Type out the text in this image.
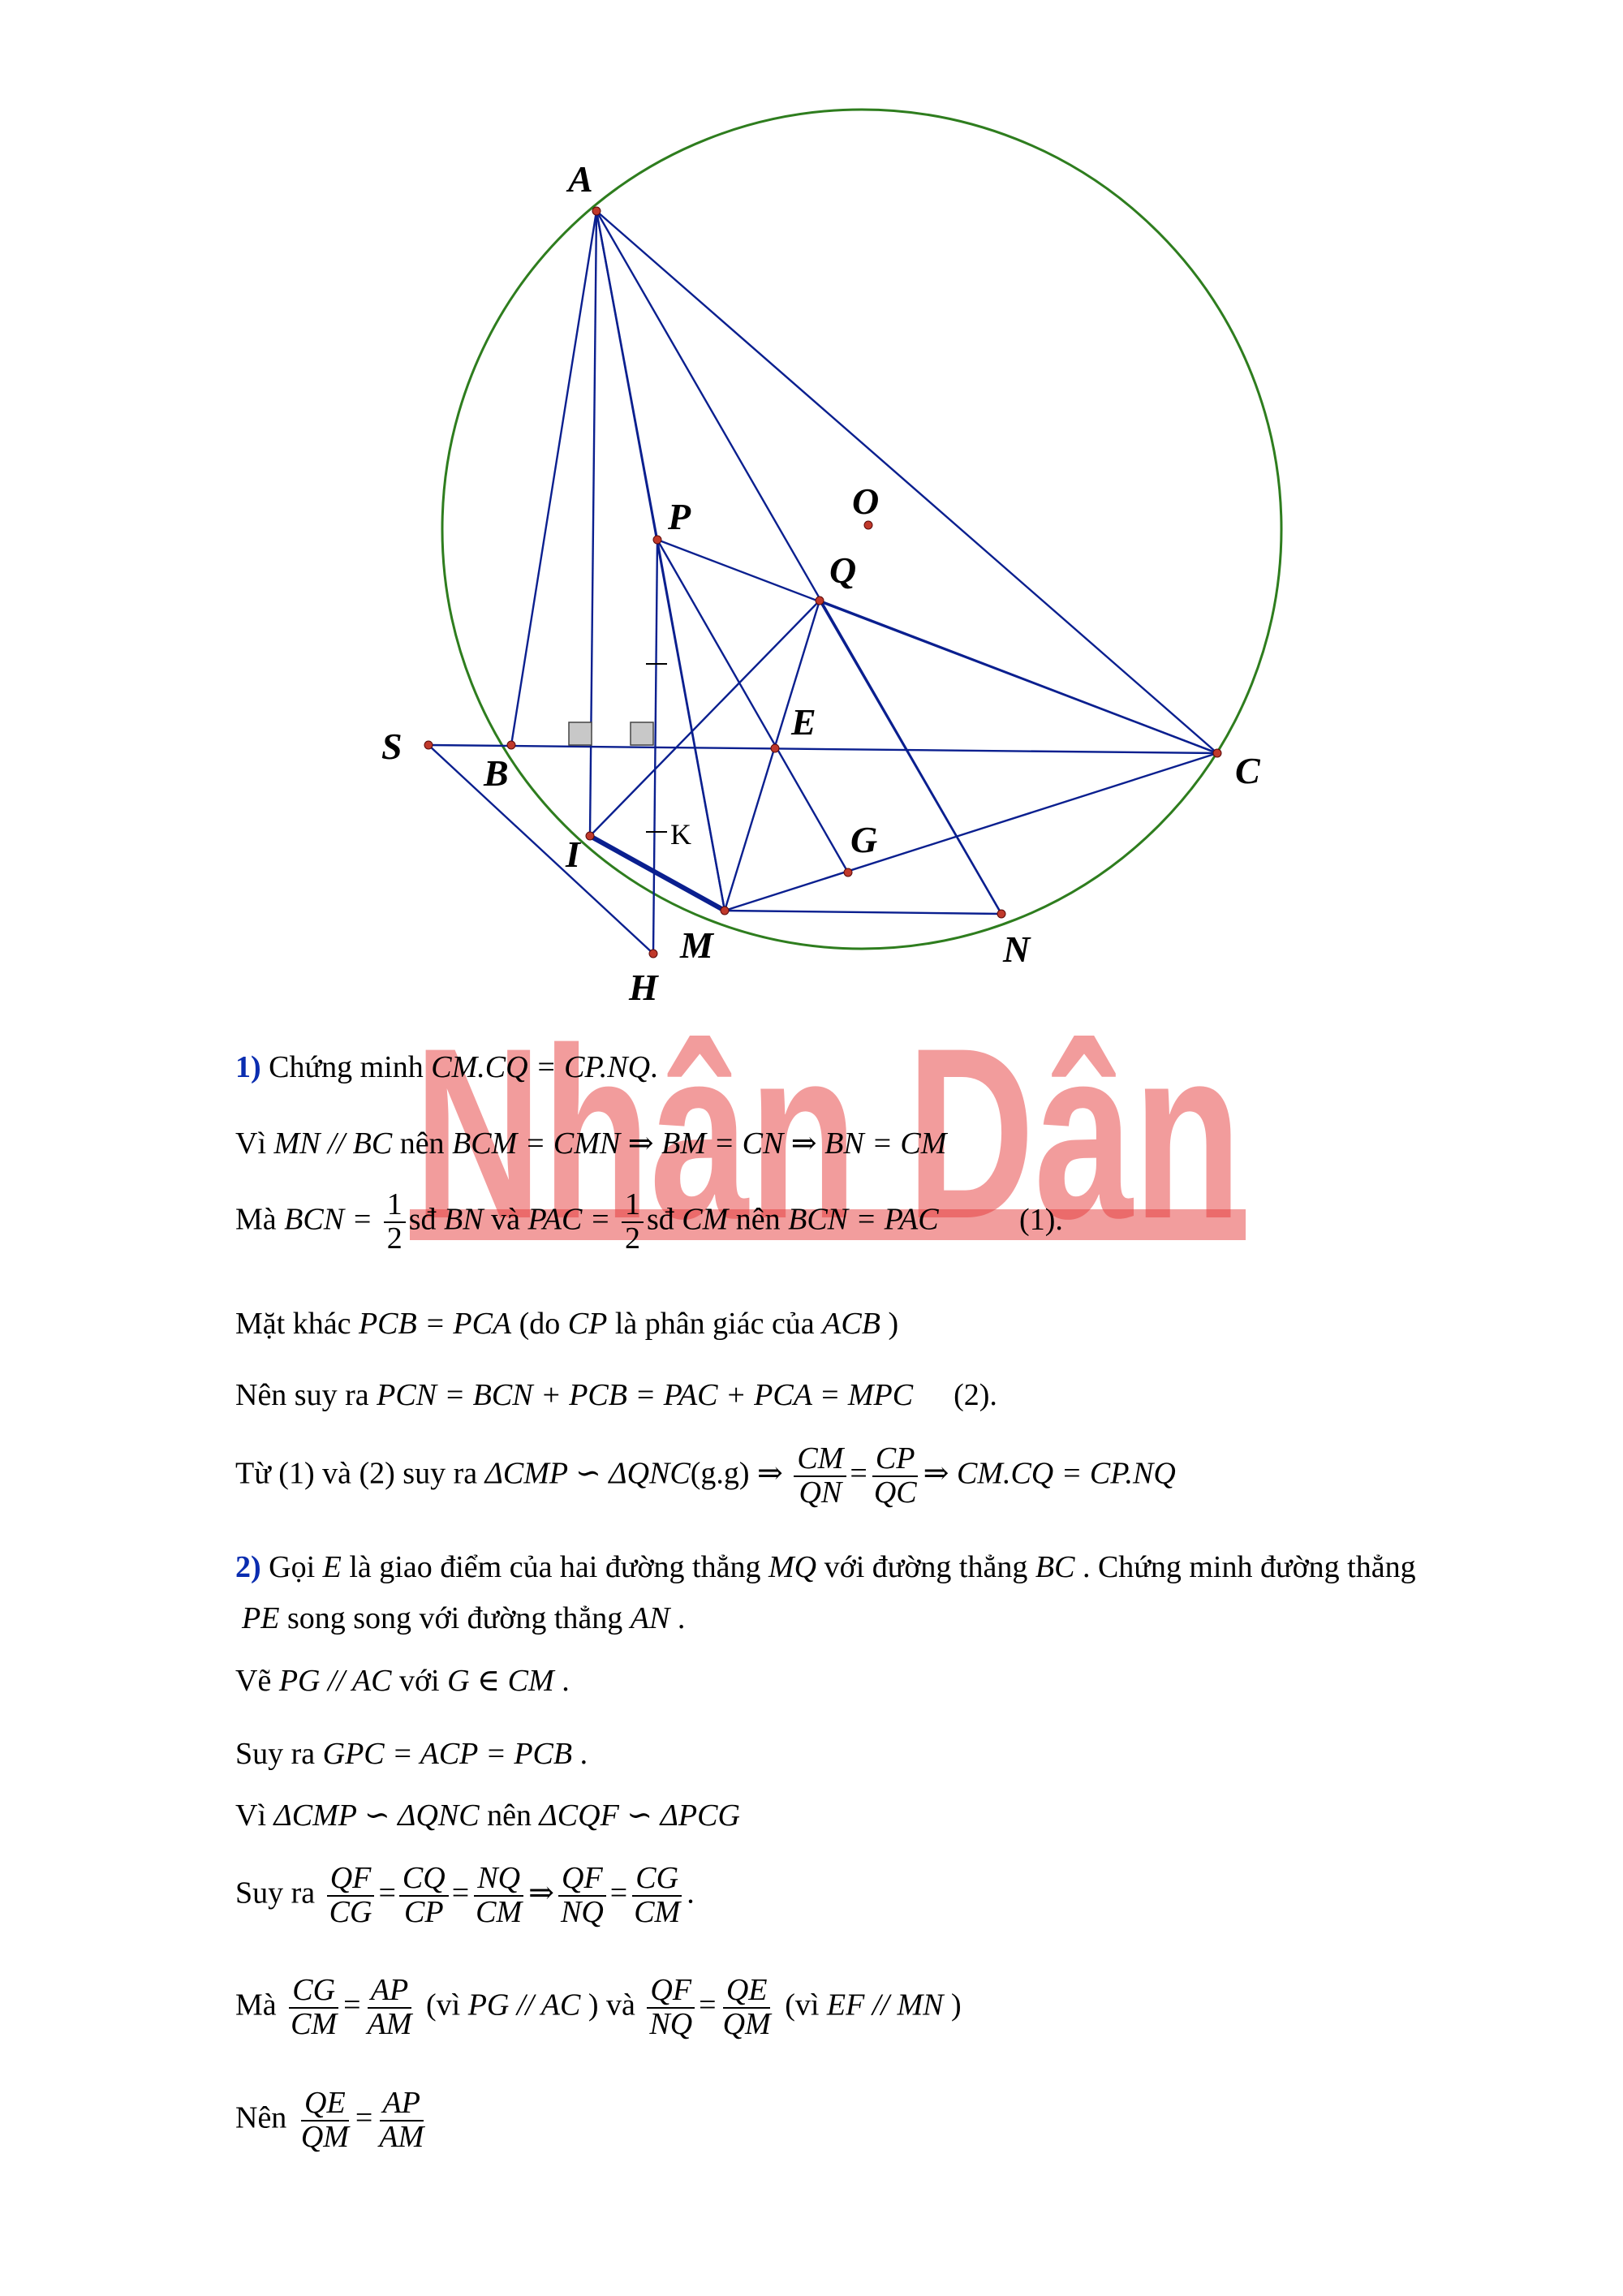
A
O
P
Q
E
S
B	C
I	K	G
M	N
H
Nhân Dân
1) Chứng minh CM.CQ = CP.NQ.
Vì MN // BC nên BCM = CMN ⇒ BM = CN ⇒ BN = CM
Mà BCN = $\frac{1}{2}$ sđ BN và PAC = $\frac{1}{2}$ sđ CM nên BCN = PAC	(1).
Mặt khác PCB = PCA (do CP là phân giác của ACB )
Nên suy ra PCN = BCN + PCB = PAC + PCA = MPC (2).
Từ (1) và (2) suy ra ΔCMP ∽ ΔQNC(g.g) ⇒ $\frac{CM}{QN} = \frac{CP}{QC}$ ⇒ CM.CQ = CP.NQ
2) Gọi E là giao điểm của hai đường thẳng MQ với đường thẳng BC . Chứng minh đường thẳng
PE song song với đường thẳng AN .
Vẽ PG // AC với G ∈ CM .
Suy ra GPC = ACP = PCB .
Vì ΔCMP ∽ ΔQNC nên ΔCQF ∽ ΔPCG
Suy ra $\frac{QF}{CG} = \frac{CQ}{CP} = \frac{NQ}{CM}$ ⇒ $\frac{QF}{NQ} = \frac{CG}{CM}$ .
Mà $\frac{CG}{CM} = \frac{AP}{AM}$ (vì PG // AC ) và $\frac{QF}{NQ} = \frac{QE}{QM}$ (vì EF // MN )
Nên $\frac{QE}{QM} = \frac{AP}{AM}$
